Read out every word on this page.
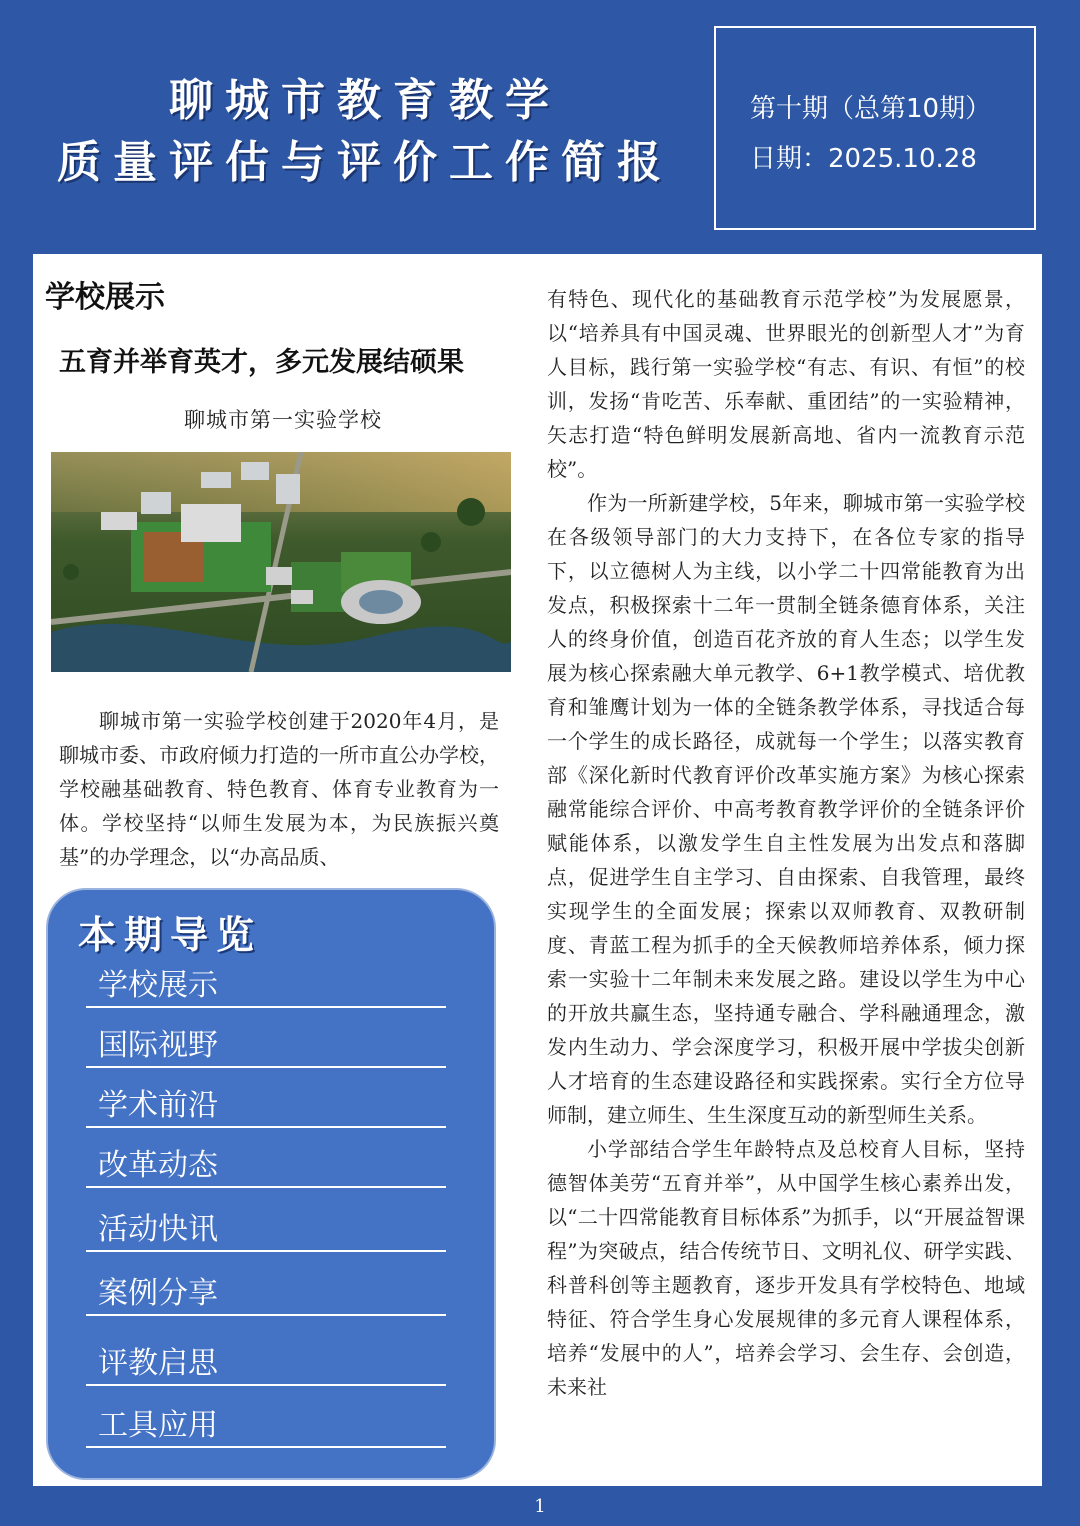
聊城市教育教学
质量评估与评价工作简报
第十期（总第10期）
日期：2025.10.28
学校展示
五育并举育英才，多元发展结硕果
聊城市第一实验学校

聊城市第一实验学校创建于2020年4月，是聊城市委、市政府倾力打造的一所市直公办学校，学校融基础教育、特色教育、体育专业教育为一体。学校坚持“以师生发展为本，为民族振兴奠基”的办学理念，以“办高品质、

有特色、现代化的基础教育示范学校”为发展愿景，以“培养具有中国灵魂、世界眼光的创新型人才”为育人目标，践行第一实验学校“有志、有识、有恒”的校训，发扬“肯吃苦、乐奉献、重团结”的一实验精神，矢志打造“特色鲜明发展新高地、省内一流教育示范校”。

作为一所新建学校，5年来，聊城市第一实验学校在各级领导部门的大力支持下，在各位专家的指导下，以立德树人为主线，以小学二十四常能教育为出发点，积极探索十二年一贯制全链条德育体系，关注人的终身价值，创造百花齐放的育人生态；以学生发展为核心探索融大单元教学、6+1教学模式、培优教育和雏鹰计划为一体的全链条教学体系，寻找适合每一个学生的成长路径，成就每一个学生；以落实教育部《深化新时代教育评价改革实施方案》为核心探索融常能综合评价、中高考教育教学评价的全链条评价赋能体系，以激发学生自主性发展为出发点和落脚点，促进学生自主学习、自由探索、自我管理，最终实现学生的全面发展；探索以双师教育、双教研制度、青蓝工程为抓手的全天候教师培养体系，倾力探索一实验十二年制未来发展之路。建设以学生为中心的开放共赢生态，坚持通专融合、学科融通理念，激发内生动力、学会深度学习，积极开展中学拔尖创新人才培育的生态建设路径和实践探索。实行全方位导师制，建立师生、生生深度互动的新型师生关系。

小学部结合学生年龄特点及总校育人目标，坚持德智体美劳“五育并举”，从中国学生核心素养出发，以“二十四常能教育目标体系”为抓手，以“开展益智课程”为突破点，结合传统节日、文明礼仪、研学实践、科普科创等主题教育，逐步开发具有学校特色、地域特征、符合学生身心发展规律的多元育人课程体系，培养“发展中的人”，培养会学习、会生存、会创造，未来社

本期导览
学校展示
国际视野
学术前沿
改革动态
活动快讯
案例分享
评教启思
工具应用
1
